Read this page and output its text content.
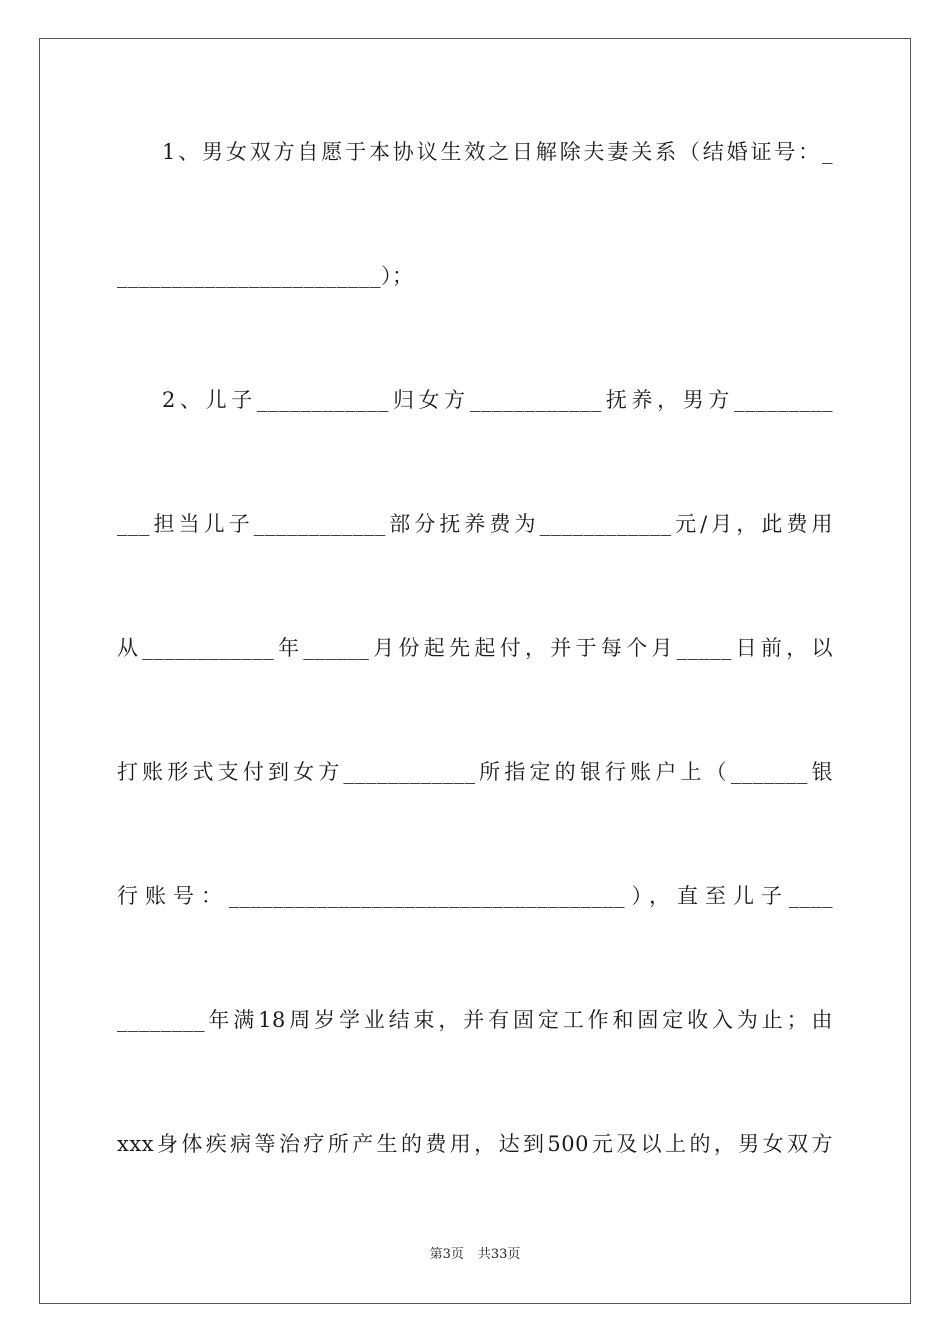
1、男女双方自愿于本协议生效之日解除夫妻关系（结婚证号：_
________________________）；
2、儿子____________归女方____________抚养，男方_________
___担当儿子____________部分抚养费为____________元/月，此费用
从____________年______月份起先起付，并于每个月_____日前，以
打账形式支付到女方____________所指定的银行账户上（_______银
行账号：____________________________________），直至儿子____
________年满18周岁学业结束，并有固定工作和固定收入为止；由
xxx身体疾病等治疗所产生的费用，达到500元及以上的，男女双方
第3页 共33页
